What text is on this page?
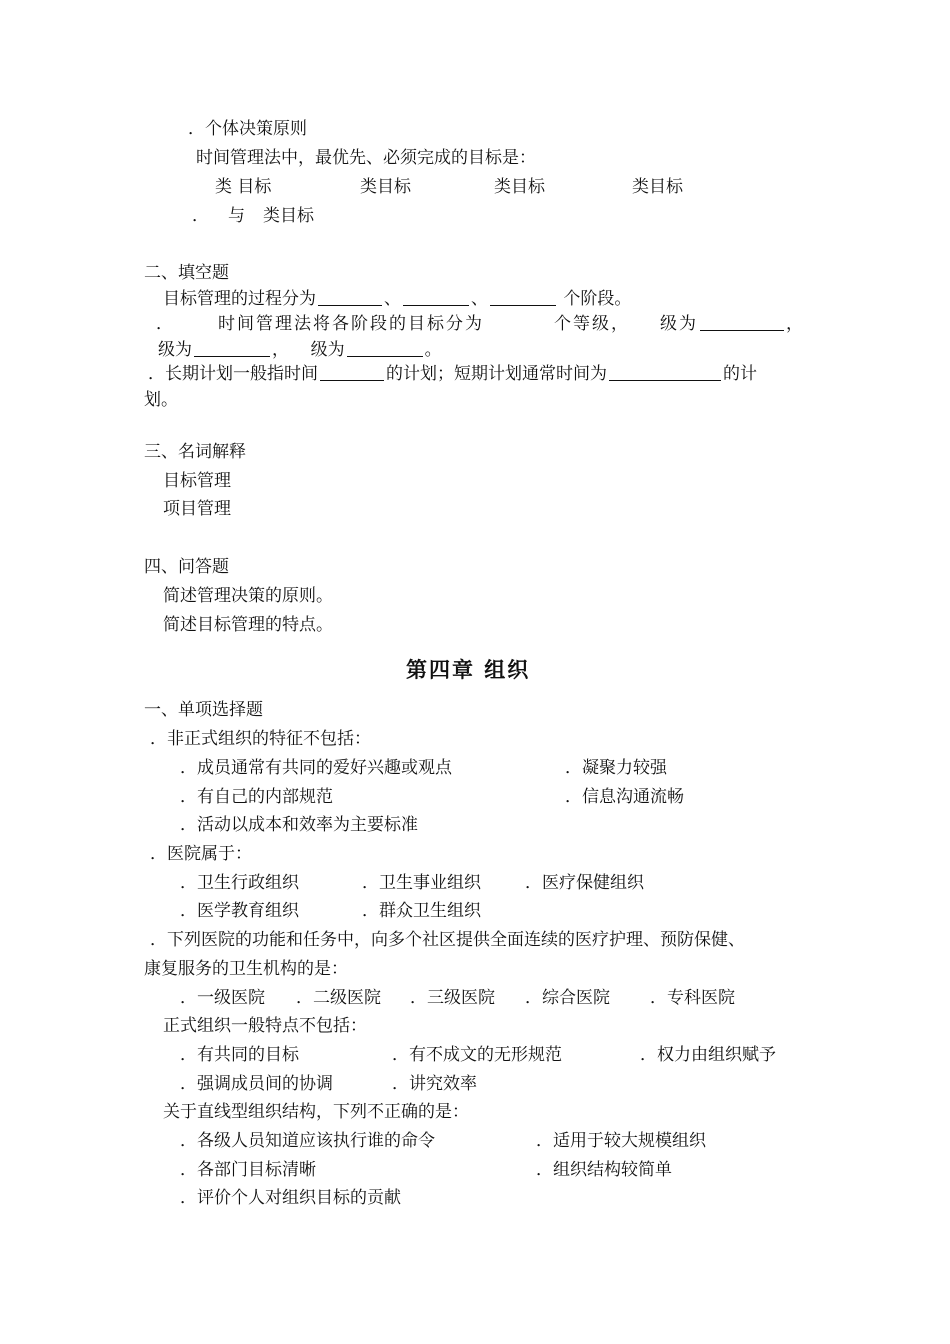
．个体决策原则
时间管理法中，最优先、必须完成的目标是：
类 目标	类目标	类目标	类目标
． 与 类目标
二、填空题
目标管理的过程分为	、	、	个阶段。
．	时间管理法将各阶段的目标分为	个等级， 级为	，
级为	， 级为	。
．长期计划一般指时间	的计划；短期计划通常时间为	的计
划。
三、名词解释
目标管理
项目管理
四、问答题
简述管理决策的原则。
简述目标管理的特点。
第四章 组织
一、单项选择题
．非正式组织的特征不包括：
．成员通常有共同的爱好兴趣或观点	．凝聚力较强
．有自己的内部规范	．信息沟通流畅
．活动以成本和效率为主要标准
．医院属于：
．卫生行政组织	．卫生事业组织	．医疗保健组织
．医学教育组织	．群众卫生组织
．下列医院的功能和任务中，向多个社区提供全面连续的医疗护理、预防保健、
康复服务的卫生机构的是：
．一级医院 ．二级医院 ．三级医院 ．综合医院 ．专科医院
正式组织一般特点不包括：
．有共同的目标	．有不成文的无形规范	．权力由组织赋予
．强调成员间的协调	．讲究效率
关于直线型组织结构，下列不正确的是：
．各级人员知道应该执行谁的命令	．适用于较大规模组织
．各部门目标清晰	．组织结构较简单
．评价个人对组织目标的贡献
